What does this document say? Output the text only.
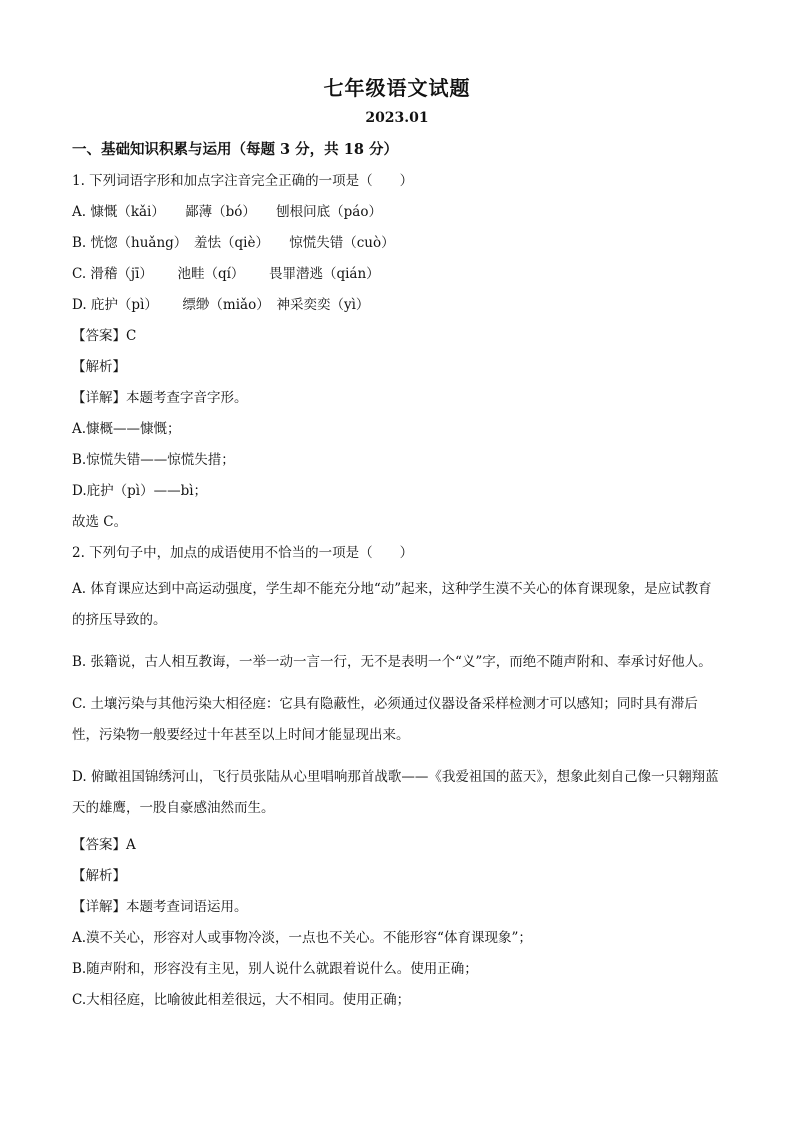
七年级语文试题
2023.01
一、基础知识积累与运用（每题 3 分，共 18 分）
1. 下列词语字形和加点字注音完全正确的一项是（　　）
A. 慷慨（kǎi）　　鄙薄（bó）　　刨根问底（páo）
B. 恍惚（huǎng）　羞怯（qiè）　　惊慌失错（cuò）
C. 滑稽（jī）　　 池畦（qí）　　 畏罪潜逃（qián）
D. 庇护（pì）　　 缥缈（miǎo）　神采奕奕（yì）
【答案】C
【解析】
【详解】本题考查字音字形。
A.慷概——慷慨；
B.惊慌失错——惊慌失措；
D.庇护（pì）——bì；
故选 C。
2. 下列句子中，加点的成语使用不恰当的一项是（　　）
A. 体育课应达到中高运动强度，学生却不能充分地“动”起来，这种学生漠不关心的体育课现象，是应试教育的挤压导致的。
B. 张籍说，古人相互教诲，一举一动一言一行，无不是表明一个“义”字，而绝不随声附和、奉承讨好他人。
C. 土壤污染与其他污染大相径庭：它具有隐蔽性，必须通过仪器设备采样检测才可以感知；同时具有滞后性，污染物一般要经过十年甚至以上时间才能显现出来。
D. 俯瞰祖国锦绣河山，飞行员张陆从心里唱响那首战歌——《我爱祖国的蓝天》，想象此刻自己像一只翱翔蓝天的雄鹰，一股自豪感油然而生。
【答案】A
【解析】
【详解】本题考查词语运用。
A.漠不关心，形容对人或事物冷淡，一点也不关心。不能形容“体育课现象”；
B.随声附和，形容没有主见，别人说什么就跟着说什么。使用正确；
C.大相径庭，比喻彼此相差很远，大不相同。使用正确；
